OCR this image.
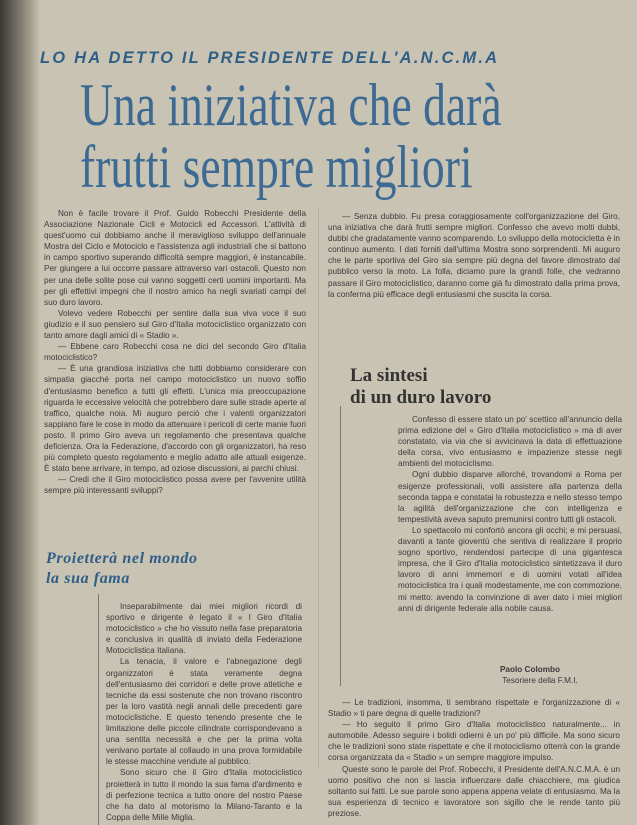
LO HA DETTO IL PRESIDENTE DELL'A.N.C.M.A
Una iniziativa che darà
frutti sempre migliori

Non è facile trovare il Prof. Guido Robecchi Presidente della Associazione Nazionale Cicli e Motocicli ed Accessori. L'attività di quest'uomo cui dobbiamo anche il meraviglioso sviluppo dell'annuale Mostra del Ciclo e Motociclo e l'assistenza agli industriali che si battono in campo sportivo superando difficoltà sempre maggiori, è instancabile. Per giungere a lui occorre passare attraverso vari ostacoli. Questo non per una delle solite pose cui vanno soggetti certi uomini importanti. Ma per gli effettivi impegni che il nostro amico ha negli svariati campi del suo duro lavoro.

Volevo vedere Robecchi per sentire dalla sua viva voce il suo giudizio e il suo pensiero sul Giro d'Italia motociclistico organizzato con tanto amore dagli amici di « Stadio ».

— Ebbene caro Robecchi cosa ne dici del secondo Giro d'Italia motociclistico?

— È una grandiosa iniziativa che tutti dobbiamo considerare con simpatia giacché porta nel campo motociclistico un nuovo soffio d'entusiasmo benefico a tutti gli effetti. L'unica mia preoccupazione riguarda le eccessive velocità che potrebbero dare sulle strade aperte al traffico, qualche noia. Mi auguro perciò che i valenti organizzatori sappiano fare le cose in modo da attenuare i pericoli di certe manie fuori posto. Il primo Giro aveva un regolamento che presentava qualche deficienza. Ora la Federazione, d'accordo con gli organizzatori, ha reso più completo questo regolamento e meglio adatto alle attuali esigenze. È stato bene arrivare, in tempo, ad oziose discussioni, ai parchi chiusi.

— Credi che il Giro motociclistico possa avere per l'avvenire utilità sempre più interessanti sviluppi?

— Senza dubbio. Fu presa coraggiosamente coll'organizzazione del Giro, una iniziativa che darà frutti sempre migliori. Confesso che avevo molti dubbi, dubbi che gradatamente vanno scomparendo. Lo sviluppo della motocicletta è in continuo aumento. I dati forniti dall'ultima Mostra sono sorprendenti. Mi auguro che le parte sportiva del Giro sia sempre più degna del favore dimostrato dal pubblico verso la moto. La folla, diciamo pure la grandi folle, che vedranno passare il Giro motociclistico, daranno come già fu dimostrato dalla prima prova, la conferma più efficace degli entusiasmi che suscita la corsa.

La sintesi
di un duro lavoro

Confesso di essere stato un po' scettico all'annuncio della prima edizione del « Giro d'Italia motociclistico » ma di aver constatato, via via che si avvicinava la data di effettuazione della corsa, vivo entusiasmo e impazienze stesse negli ambienti del motociclismo.

Ogni dubbio disparve allorché, trovandomi a Roma per esigenze professionali, volli assistere alla partenza della seconda tappa e constatai la robustezza e nello stesso tempo la agilità dell'organizzazione che con intelligenza e tempestività aveva saputo premunirsi contro tutti gli ostacoli.

Lo spettacolo mi confortò ancora gli occhi; e mi persuasi, davanti a tante gioventù che sentiva di realizzare il proprio sogno sportivo, rendendosi partecipe di una gigantesca impresa, che il Giro d'Italia motociclistico sintetizzava il duro lavoro di anni immemori e di uomini votati all'idea motociclistica tra i quali modestamente, me con commozione, mi metto: avendo la convinzione di aver dato i miei migliori anni di dirigente federale alla nobile causa.

Paolo Colombo
Tesoriere della F.M.I.
Proietterà nel mondo
la sua fama

Inseparabilmente dai miei migliori ricordi di sportivo e dirigente è legato il « I Giro d'Italia motociclistico » che ho vissuto nella fase preparatoria e conclusiva in qualità di inviato della Federazione Motociclistica Italiana.

La tenacia, il valore e l'abnegazione degli organizzatori è stata veramente degna dell'entusiasmo dei corridori e delle prove atletiche e tecniche da essi sostenute che non trovano riscontro per la loro vastità negli annali delle precedenti gare motociclistiche. E questo tenendo presente che le limitazione delle piccole cilindrate corrispondevano a una sentita necessità e che per la prima volta venivano portate al collaudo in una prova formidabile le stesse macchine vendute al pubblico.

Sono sicuro che il Giro d'Italia motociclistico proietterà in tutto il mondo la sua fama d'ardimento e di perfezione tecnica a tutto onore del nostro Paese che ha dato al motorismo la Milano-Taranto e la Coppa delle Mille Miglia.

— Le tradizioni, insomma, ti sembrano rispettate e l'organizzazione di « Stadio » ti pare degna di quelle tradizioni?

— Ho seguito il primo Giro d'Italia motociclistico naturalmente... in automobile. Adesso seguire i bolidi odierni è un po' più difficile. Ma sono sicuro che le tradizioni sono state rispettate e che il motociclismo otterrà con la grande corsa organizzata da « Stadio » un sempre maggiore impulso.

Queste sono le parole del Prof. Robecchi, il Presidente dell'A.N.C.M.A. è un uomo positivo che non si lascia influenzare dalle chiacchiere, ma giudica soltanto sui fatti. Le sue parole sono appena appena velate di entusiasmo. Ma la sua esperienza di tecnico e lavoratore son sigillo che le rende tanto più preziose.
